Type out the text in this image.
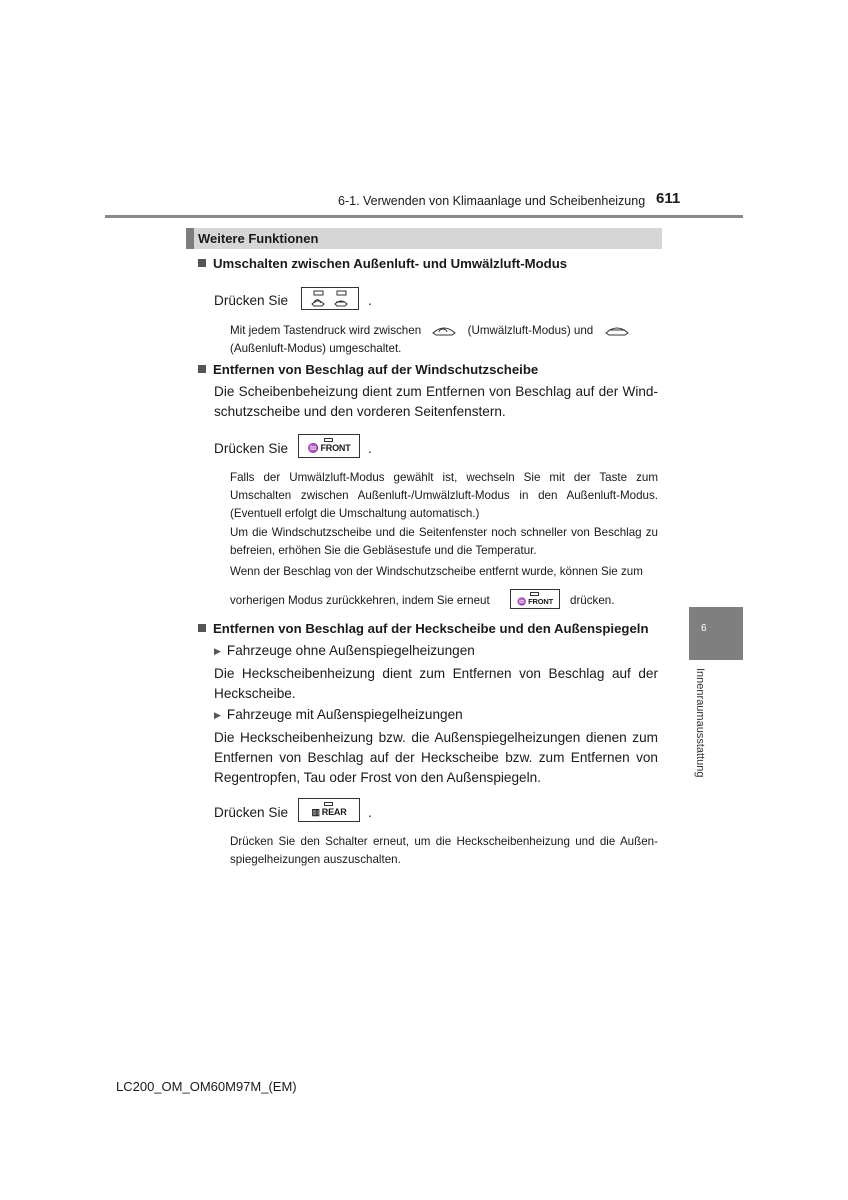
6-1. Verwenden von Klimaanlage und Scheibenheizung 611
Weitere Funktionen
Umschalten zwischen Außenluft- und Umwälzluft-Modus
Drücken Sie	.
Mit jedem Tastendruck wird zwischen	(Umwälzluft-Modus) und
(Außenluft-Modus) umgeschaltet.
Entfernen von Beschlag auf der Windschutzscheibe
Die Scheibenbeheizung dient zum Entfernen von Beschlag auf der Windschutzscheibe und den vorderen Seitenfenstern.
Drücken Sie	♒ FRONT	.
Falls der Umwälzluft-Modus gewählt ist, wechseln Sie mit der Taste zum Umschalten zwischen Außenluft-/Umwälzluft-Modus in den Außenluft-Modus. (Eventuell erfolgt die Umschaltung automatisch.)
Um die Windschutzscheibe und die Seitenfenster noch schneller von Beschlag zu befreien, erhöhen Sie die Gebläsestufe und die Temperatur.
Wenn der Beschlag von der Windschutzscheibe entfernt wurde, können Sie zum
vorherigen Modus zurückkehren, indem Sie erneut	♒ FRONT	drücken.
Entfernen von Beschlag auf der Heckscheibe und den Außenspiegeln
▶ Fahrzeuge ohne Außenspiegelheizungen
Die Heckscheibenheizung dient zum Entfernen von Beschlag auf der Heckscheibe.
▶ Fahrzeuge mit Außenspiegelheizungen
Die Heckscheibenheizung bzw. die Außenspiegelheizungen dienen zum Entfernen von Beschlag auf der Heckscheibe bzw. zum Entfernen von Regentropfen, Tau oder Frost von den Außenspiegeln.
Drücken Sie	▥ REAR	.
Drücken Sie den Schalter erneut, um die Heckscheibenheizung und die Außenspiegelheizungen auszuschalten.
6
Innenraumausstattung
LC200_OM_OM60M97M_(EM)
